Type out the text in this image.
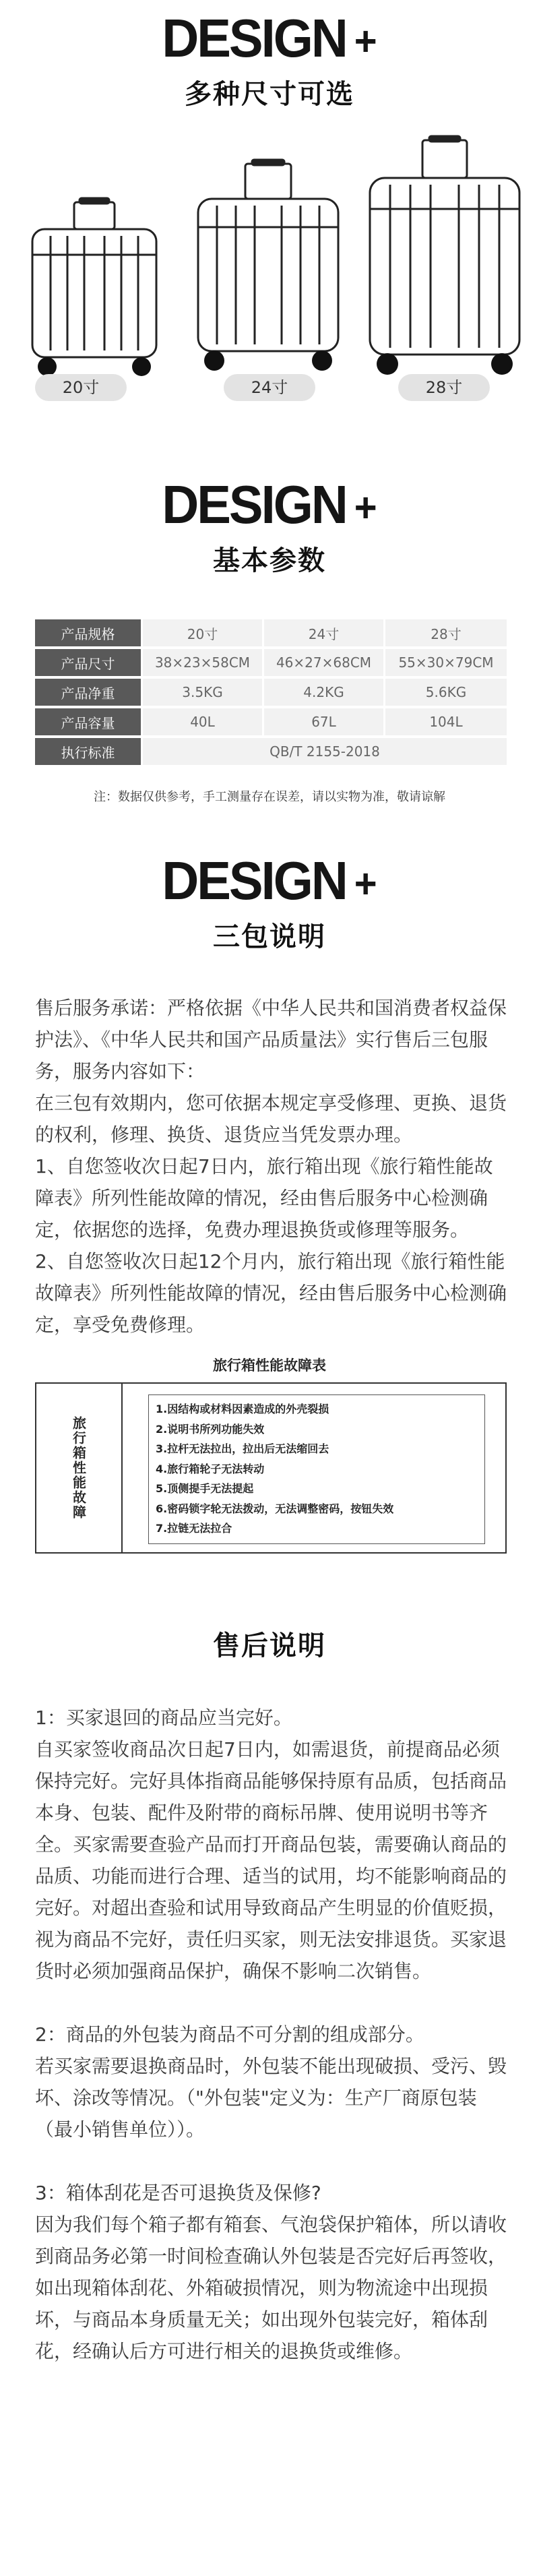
DESIGN +
多种尺寸可选
20寸	24寸	28寸
DESIGN +
基本参数
产品规格	20寸	24寸	28寸
产品尺寸	38×23×58CM	46×27×68CM	55×30×79CM
产品净重	3.5KG	4.2KG	5.6KG
产品容量	40L	67L	104L
执行标准	QB/T 2155-2018		
注：数据仅供参考，手工测量存在误差，请以实物为准，敬请谅解
DESIGN +
三包说明

售后服务承诺：严格依据《中华人民共和国消费者权益保护法》、《中华人民共和国产品质量法》实行售后三包服务，服务内容如下：

在三包有效期内，您可依据本规定享受修理、更换、退货的权利，修理、换货、退货应当凭发票办理。

1、自您签收次日起7日内，旅行箱出现《旅行箱性能故障表》所列性能故障的情况，经由售后服务中心检测确定，依据您的选择，免费办理退换货或修理等服务。

2、自您签收次日起12个月内，旅行箱出现《旅行箱性能故障表》所列性能故障的情况，经由售后服务中心检测确定，享受免费修理。

旅行箱性能故障表
旅行箱性能故障
1.因结构或材料因素造成的外壳裂损
2.说明书所列功能失效
3.拉杆无法拉出，拉出后无法缩回去
4.旅行箱轮子无法转动
5.顶侧提手无法提起
6.密码锁字轮无法拨动，无法调整密码，按钮失效
7.拉链无法拉合
售后说明

1：买家退回的商品应当完好。

自买家签收商品次日起7日内，如需退货，前提商品必须保持完好。完好具体指商品能够保持原有品质，包括商品本身、包装、配件及附带的商标吊牌、使用说明书等齐全。买家需要查验产品而打开商品包装，需要确认商品的品质、功能而进行合理、适当的试用，均不能影响商品的完好。对超出查验和试用导致商品产生明显的价值贬损，视为商品不完好，责任归买家，则无法安排退货。买家退货时必须加强商品保护，确保不影响二次销售。

2：商品的外包装为商品不可分割的组成部分。

若买家需要退换商品时，外包装不能出现破损、受污、毁坏、涂改等情况。（"外包装"定义为：生产厂商原包装（最小销售单位））。

3：箱体刮花是否可退换货及保修?

因为我们每个箱子都有箱套、气泡袋保护箱体，所以请收到商品务必第一时间检查确认外包装是否完好后再签收，如出现箱体刮花、外箱破损情况，则为物流途中出现损坏，与商品本身质量无关；如出现外包装完好，箱体刮花，经确认后方可进行相关的退换货或维修。
